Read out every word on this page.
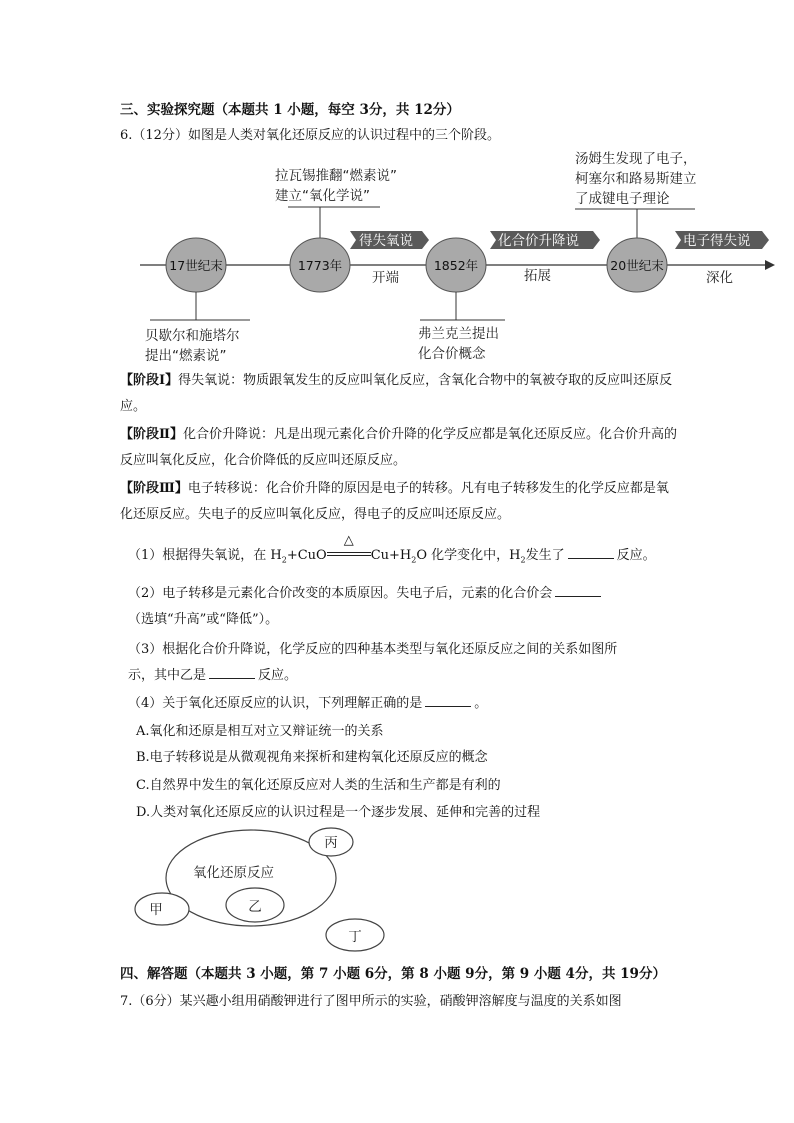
三、实验探究题（本题共 1 小题，每空 3分，共 12分）
6.（12分）如图是人类对氧化还原反应的认识过程中的三个阶段。
拉瓦锡推翻“燃素说”
建立“氧化学说”
汤姆生发现了电子，
柯塞尔和路易斯建立
了成键电子理论
得失氧说	化合价升降说	电子得失说
17世纪末	1773年	1852年	20世纪末
开端	拓展	深化
贝歇尔和施塔尔
提出“燃素说”
弗兰克兰提出
化合价概念
【阶段Ⅰ】得失氧说：物质跟氧发生的反应叫氧化反应，含氧化合物中的氧被夺取的反应叫还原反应。
【阶段Ⅱ】化合价升降说：凡是出现元素化合价升降的化学反应都是氧化还原反应。化合价升高的反应叫氧化反应，化合价降低的反应叫还原反应。
【阶段Ⅲ】电子转移说：化合价升降的原因是电子的转移。凡有电子转移发生的化学反应都是氧化还原反应。失电子的反应叫氧化反应，得电子的反应叫还原反应。
（1）根据得失氧说，在 $H_2+CuO$
△
$Cu+H_2O$ 化学变化中，$H_2$发生了	反应。
（2）电子转移是元素化合价改变的本质原因。失电子后，元素的化合价会
（选填“升高”或“降低”）。
（3）根据化合价升降说，化学反应的四种基本类型与氧化还原反应之间的关系如图所
示，其中乙是	反应。
（4）关于氧化还原反应的认识，下列理解正确的是	。
A.氧化和还原是相互对立又辩证统一的关系
B.电子转移说是从微观视角来探析和建构氧化还原反应的概念
C.自然界中发生的氧化还原反应对人类的生活和生产都是有利的
D.人类对氧化还原反应的认识过程是一个逐步发展、延伸和完善的过程
氧化还原反应
丙
甲	乙
丁
四、解答题（本题共 3 小题，第 7 小题 6分，第 8 小题 9分，第 9 小题 4分，共 19分）
7.（6分）某兴趣小组用硝酸钾进行了图甲所示的实验，硝酸钾溶解度与温度的关系如图
